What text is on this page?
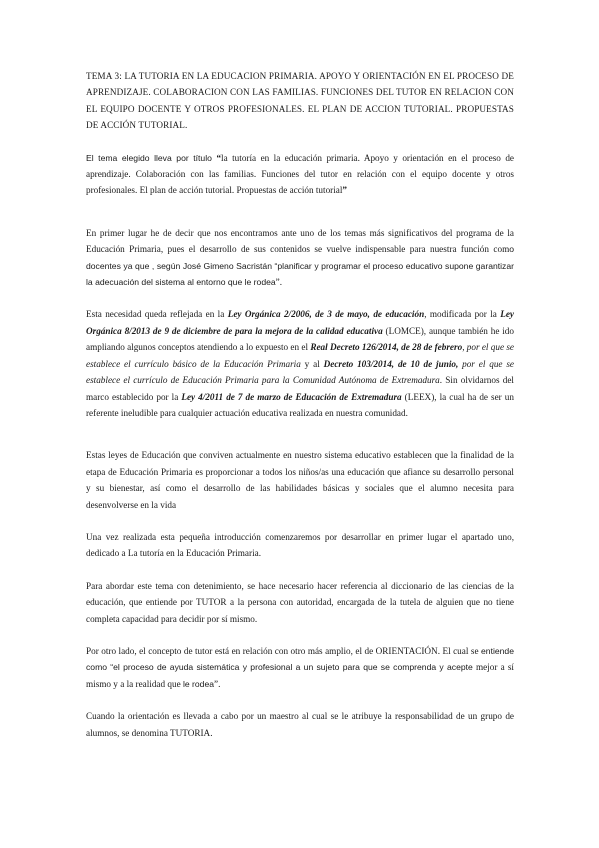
TEMA 3: LA TUTORIA EN LA EDUCACION PRIMARIA. APOYO Y ORIENTACIÓN EN EL PROCESO DE APRENDIZAJE. COLABORACION CON LAS FAMILIAS. FUNCIONES DEL TUTOR EN RELACION CON EL EQUIPO DOCENTE Y OTROS PROFESIONALES. EL PLAN DE ACCION TUTORIAL. PROPUESTAS DE ACCIÓN TUTORIAL.

El tema elegido lleva por título “la tutoría en la educación primaria. Apoyo y orientación en el proceso de aprendizaje. Colaboración con las familias. Funciones del tutor en relación con el equipo docente y otros profesionales. El plan de acción tutorial. Propuestas de acción tutorial”

En primer lugar he de decir que nos encontramos ante uno de los temas más significativos del programa de la Educación Primaria, pues el desarrollo de sus contenidos se vuelve indispensable para nuestra función como docentes ya que , según José Gimeno Sacristán “planificar y programar el proceso educativo supone garantizar la adecuación del sistema al entorno que le rodea”.

Esta necesidad queda reflejada en la Ley Orgánica 2/2006, de 3 de mayo, de educación, modificada por la Ley Orgánica 8/2013 de 9 de diciembre de para la mejora de la calidad educativa (LOMCE), aunque también he ido ampliando algunos conceptos atendiendo a lo expuesto en el Real Decreto 126/2014, de 28 de febrero, por el que se establece el currículo básico de la Educación Primaria y al Decreto 103/2014, de 10 de junio, por el que se establece el currículo de Educación Primaria para la Comunidad Autónoma de Extremadura. Sin olvidarnos del marco establecido por la Ley 4/2011 de 7 de marzo de Educación de Extremadura (LEEX), la cual ha de ser un referente ineludible para cualquier actuación educativa realizada en nuestra comunidad.

Estas leyes de Educación que conviven actualmente en nuestro sistema educativo establecen que la finalidad de la etapa de Educación Primaria es proporcionar a todos los niños/as una educación que afiance su desarrollo personal y su bienestar, así como el desarrollo de las habilidades básicas y sociales que el alumno necesita para desenvolverse en la vida

Una vez realizada esta pequeña introducción comenzaremos por desarrollar en primer lugar el apartado uno, dedicado a La tutoría en la Educación Primaria.

Para abordar este tema con detenimiento, se hace necesario hacer referencia al diccionario de las ciencias de la educación, que entiende por TUTOR a la persona con autoridad, encargada de la tutela de alguien que no tiene completa capacidad para decidir por sí mismo.

Por otro lado, el concepto de tutor está en relación con otro más amplio, el de ORIENTACIÓN. El cual se entiende como “el proceso de ayuda sistemática y profesional a un sujeto para que se comprenda y acepte mejor a sí mismo y a la realidad que le rodea”.

Cuando la orientación es llevada a cabo por un maestro al cual se le atribuye la responsabilidad de un grupo de alumnos, se denomina TUTORIA.
